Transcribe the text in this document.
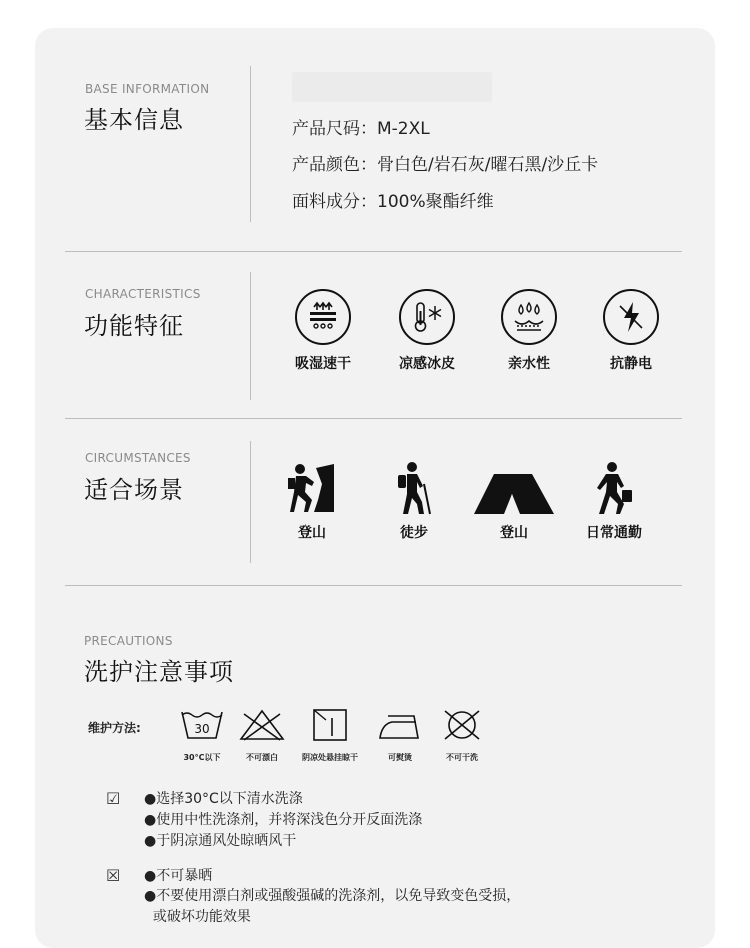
BASE INFORMATION
基本信息	产品尺码：M-2XL
产品颜色：骨白色/岩石灰/曜石黑/沙丘卡
面料成分：100%聚酯纤维
CHARACTERISTICS
功能特征
吸湿速干	凉感冰皮	亲水性	抗静电
CIRCUMSTANCES
适合场景
登山	徒步	登山	日常通勤
PRECAUTIONS
洗护注意事项
维护方法:	30
30°C以下	不可漂白	阴凉处悬挂晾干	可熨烫	不可干洗
☑ ●选择30°C以下清水洗涤
●使用中性洗涤剂，并将深浅色分开反面洗涤
●于阴凉通风处晾晒风干
☒ ●不可暴晒
●不要使用漂白剂或强酸强碱的洗涤剂，以免导致变色受损，
或破坏功能效果
